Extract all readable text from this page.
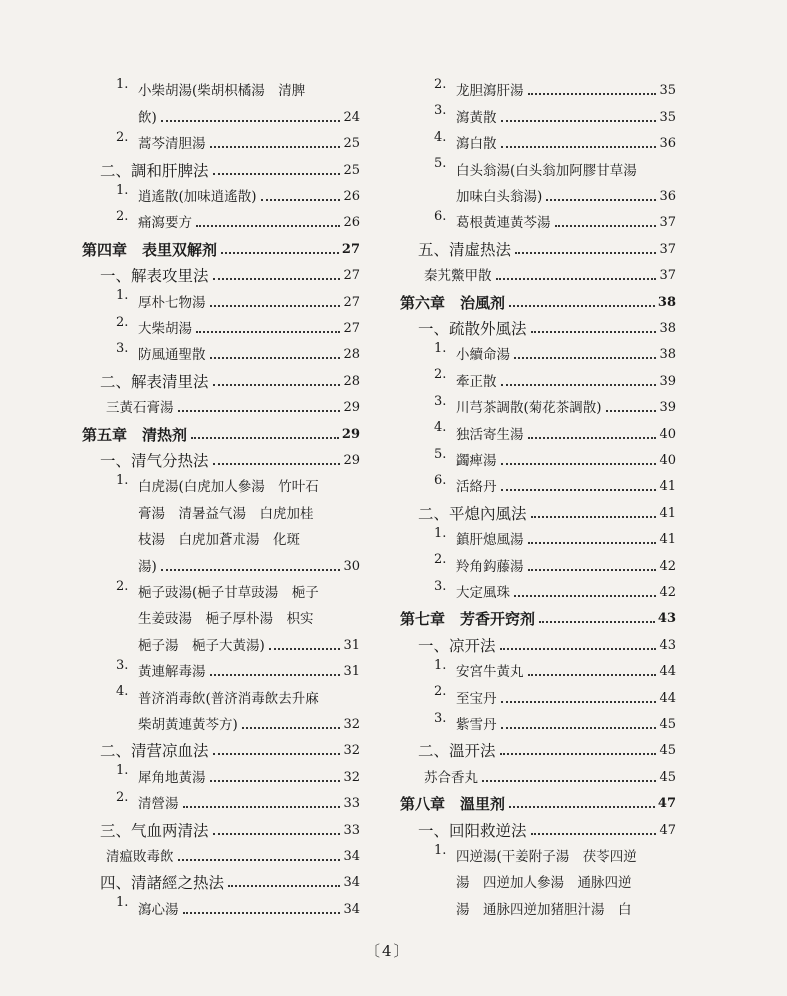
1. 小柴胡湯(柴胡枳橘湯　清脾
飲)	24
2. 蒿芩清胆湯	25
二、調和肝脾法	25
1. 逍遙散(加味逍遙散)	26
2. 痛瀉要方	26
第四章　表里双解剂	27
一、解表攻里法	27
1. 厚朴七物湯	27
2. 大柴胡湯	27
3. 防風通聖散	28
二、解表清里法	28
三黃石膏湯	29
第五章　清热剂	29
一、清气分热法	29
1. 白虎湯(白虎加人參湯　竹叶石
膏湯　清暑益气湯　白虎加桂
枝湯　白虎加蒼朮湯　化斑
湯)	30
2. 梔子豉湯(梔子甘草豉湯　梔子
生姜豉湯　梔子厚朴湯　枳实
梔子湯　梔子大黃湯)	31
3. 黃連解毒湯	31
4. 普济消毒飲(普济消毒飲去升麻
柴胡黃連黃芩方)	32
二、清营凉血法	32
1. 犀角地黃湯	32
2. 清營湯	33
三、气血两清法	33
清瘟敗毒飲	34
四、清諸經之热法	34
1. 瀉心湯	34
2. 龙胆瀉肝湯	35
3. 瀉黃散	35
4. 瀉白散	36
5. 白头翁湯(白头翁加阿膠甘草湯
加味白头翁湯)	36
6. 葛根黃連黃芩湯	37
五、清虛热法	37
秦艽鱉甲散	37
第六章　治風剂	38
一、疏散外風法	38
1. 小續命湯	38
2. 牽正散	39
3. 川芎茶調散(菊花茶調散)	39
4. 独活寄生湯	40
5. 蠲痺湯	40
6. 活絡丹	41
二、平熄內風法	41
1. 鎮肝熄風湯	41
2. 羚角鈎藤湯	42
3. 大定風珠	42
第七章　芳香开窍剂	43
一、凉开法	43
1. 安宮牛黃丸	44
2. 至宝丹	44
3. 紫雪丹	45
二、溫开法	45
苏合香丸	45
第八章　溫里剂	47
一、回阳救逆法	47
1. 四逆湯(干姜附子湯　茯苓四逆
湯　四逆加人參湯　通脉四逆
湯　通脉四逆加猪胆汁湯　白
〔4〕
